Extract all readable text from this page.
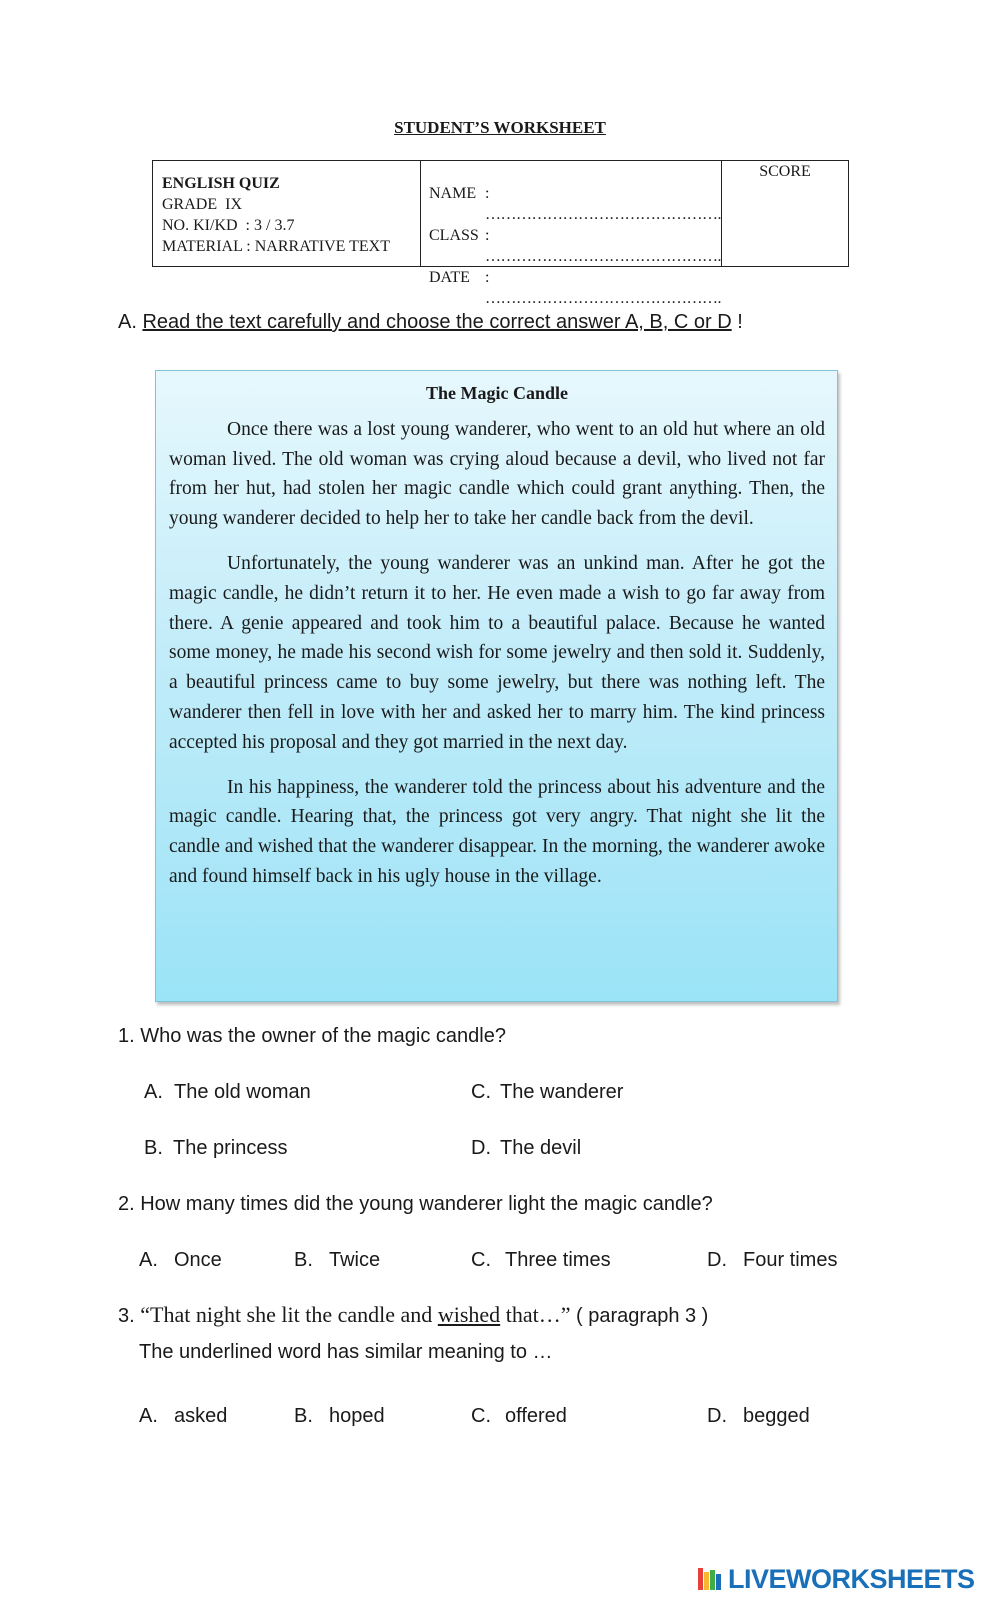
STUDENT’S WORKSHEET
ENGLISH QUIZ
GRADE  IX
NO. KI/KD  : 3 / 3.7
MATERIAL : NARRATIVE TEXT
NAME : ……………………………………….
CLASS : ……………………………………….
DATE : ……………………………………….
SCORE
A. Read the text carefully and choose the correct answer A, B, C or D !
The Magic Candle

Once there was a lost young wanderer, who went to an old hut where an old woman lived. The old woman was crying aloud because a devil, who lived not far from her hut, had stolen her magic candle which could grant anything. Then, the young wanderer decided to help her to take her candle back from the devil.

Unfortunately, the young wanderer was an unkind man. After he got the magic candle, he didn’t return it to her. He even made a wish to go far away from there. A genie appeared and took him to a beautiful palace. Because he wanted some money, he made his second wish for some jewelry and then sold it. Suddenly, a beautiful princess came to buy some jewelry, but there was nothing left. The wanderer then fell in love with her and asked her to marry him. The kind princess accepted his proposal and they got married in the next day.

In his happiness, the wanderer told the princess about his adventure and the magic candle. Hearing that, the princess got very angry. That night she lit the candle and wished that the wanderer disappear. In the morning, the wanderer awoke and found himself back in his ugly house in the village.

1. Who was the owner of the magic candle?
A. The old woman	C. The wanderer
B. The princess	D. The devil
2. How many times did the young wanderer light the magic candle?
A. Once	B. Twice	C. Three times	D. Four times
3. “That night she lit the candle and wished that…” ( paragraph 3 )
The underlined word has similar meaning to …
A. asked	B. hoped	C. offered	D. begged
LIVEWORKSHEETS
